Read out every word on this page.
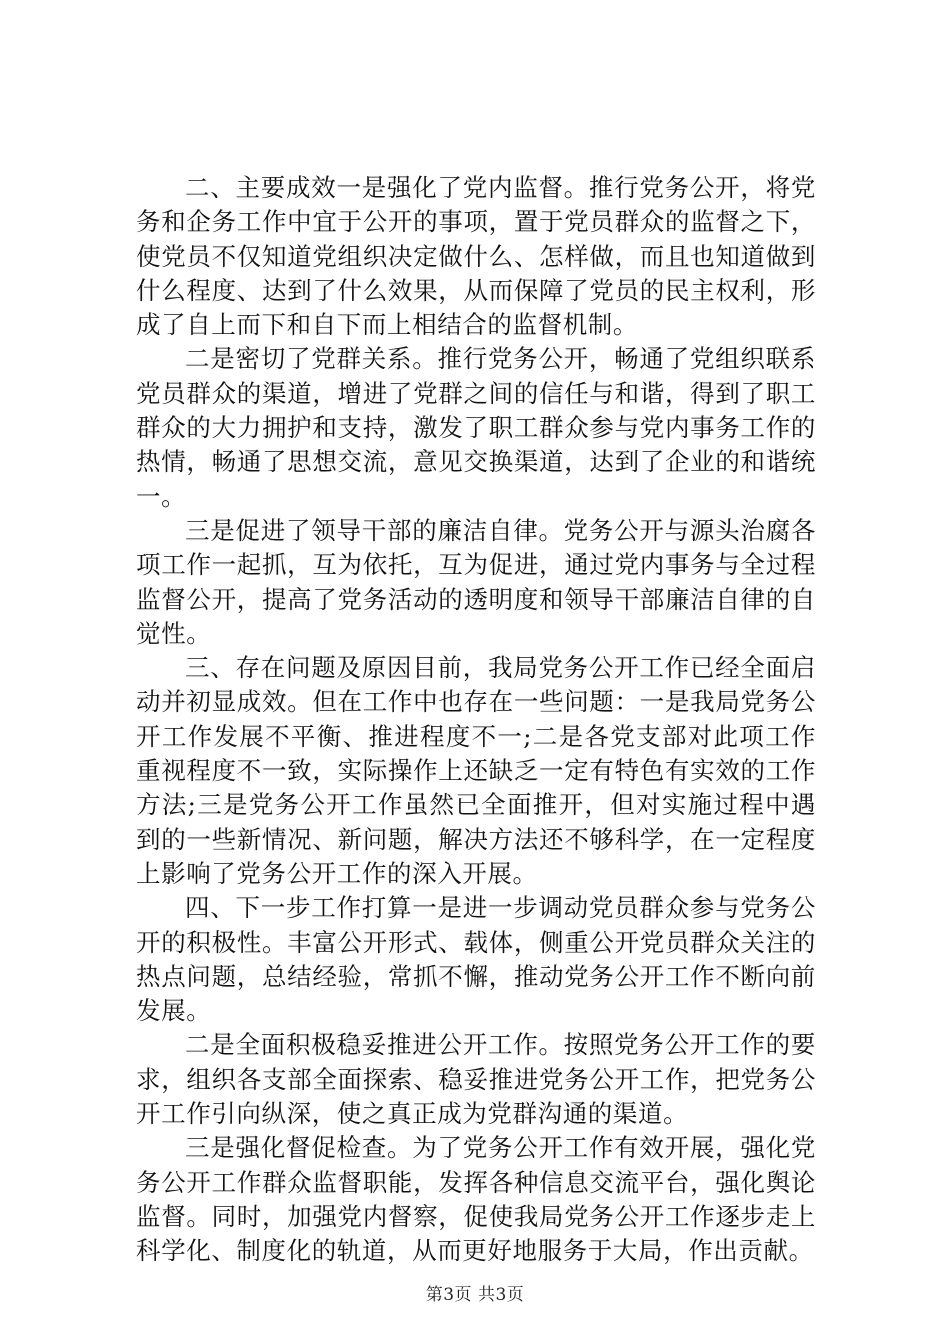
二、主要成效一是强化了党内监督。推行党务公开，将党务和企务工作中宜于公开的事项，置于党员群众的监督之下，使党员不仅知道党组织决定做什么、怎样做，而且也知道做到什么程度、达到了什么效果，从而保障了党员的民主权利，形成了自上而下和自下而上相结合的监督机制。

二是密切了党群关系。推行党务公开，畅通了党组织联系党员群众的渠道，增进了党群之间的信任与和谐，得到了职工群众的大力拥护和支持，激发了职工群众参与党内事务工作的热情，畅通了思想交流，意见交换渠道，达到了企业的和谐统一。

三是促进了领导干部的廉洁自律。党务公开与源头治腐各项工作一起抓，互为依托，互为促进，通过党内事务与全过程监督公开，提高了党务活动的透明度和领导干部廉洁自律的自觉性。

三、存在问题及原因目前，我局党务公开工作已经全面启动并初显成效。但在工作中也存在一些问题：一是我局党务公开工作发展不平衡、推进程度不一;二是各党支部对此项工作重视程度不一致，实际操作上还缺乏一定有特色有实效的工作方法;三是党务公开工作虽然已全面推开，但对实施过程中遇到的一些新情况、新问题，解决方法还不够科学，在一定程度上影响了党务公开工作的深入开展。

四、下一步工作打算一是进一步调动党员群众参与党务公开的积极性。丰富公开形式、载体，侧重公开党员群众关注的热点问题，总结经验，常抓不懈，推动党务公开工作不断向前发展。

二是全面积极稳妥推进公开工作。按照党务公开工作的要求，组织各支部全面探索、稳妥推进党务公开工作，把党务公开工作引向纵深，使之真正成为党群沟通的渠道。

三是强化督促检查。为了党务公开工作有效开展，强化党务公开工作群众监督职能，发挥各种信息交流平台，强化舆论监督。同时，加强党内督察，促使我局党务公开工作逐步走上科学化、制度化的轨道，从而更好地服务于大局，作出贡献。

第3页 共3页
